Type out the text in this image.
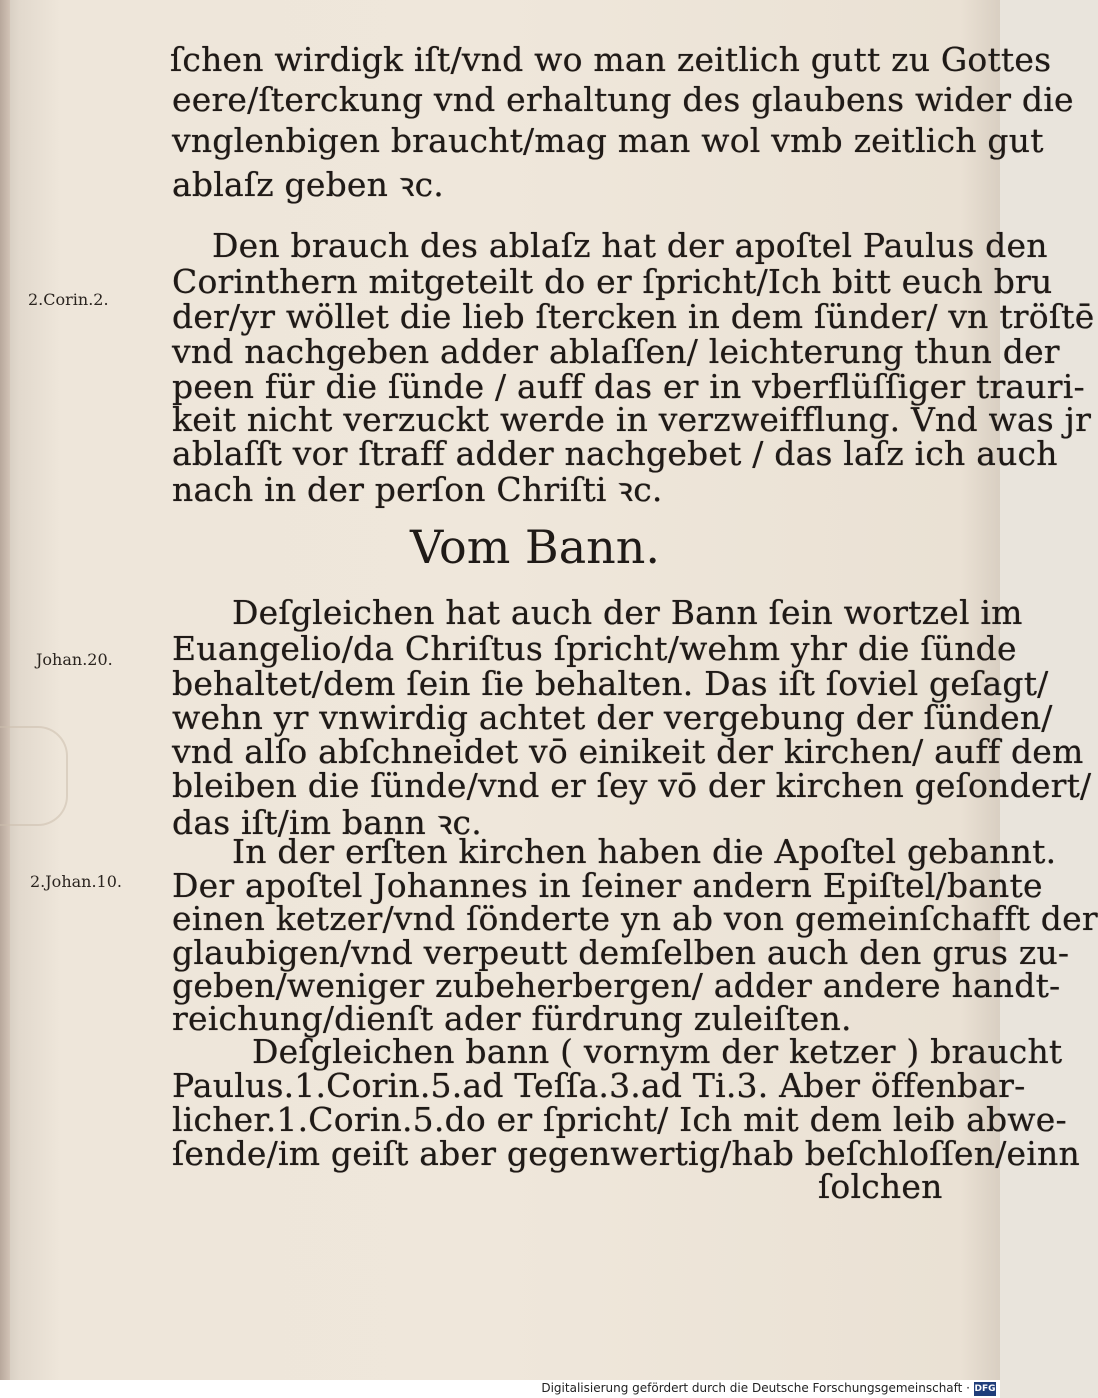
ſchen wirdigk iſt/vnd wo man zeitlich gutt zu Gottes
eere/ſterckung vnd erhaltung des glaubens wider die
vnglenbigen braucht/mag man wol vmb zeitlich gut
ablaſz geben ꝛc.
Den brauch des ablaſz hat der apoſtel Paulus den
Corinthern mitgeteilt do er ſpricht/Ich bitt euch bru
der/yr wöllet die lieb ſtercken in dem ſünder/ vn tröſtē
vnd nachgeben adder ablaſſen/ leichterung thun der
peen für die ſünde / auff das er in vberflüſſiger trauri-
keit nicht verzuckt werde in verzweifflung. Vnd was jr
ablaſſt vor ſtraff adder nachgebet / das laſz ich auch
nach in der perſon Chriſti ꝛc.
Deſgleichen hat auch der Bann ſein wortzel im
Euangelio/da Chriſtus ſpricht/wehm yhr die ſünde
behaltet/dem ſein ſie behalten. Das iſt ſoviel geſagt/
wehn yr vnwirdig achtet der vergebung der ſünden/
vnd alſo abſchneidet vō einikeit der kirchen/ auff dem
bleiben die ſünde/vnd er ſey vō der kirchen geſondert/
das iſt/im bann ꝛc.
In der erſten kirchen haben die Apoſtel gebannt.
Der apoſtel Johannes in ſeiner andern Epiſtel/bante
einen ketzer/vnd ſönderte yn ab von gemeinſchafft der
glaubigen/vnd verpeutt demſelben auch den grus zu-
geben/weniger zubeherbergen/ adder andere handt-
reichung/dienſt ader fürdrung zuleiſten.
Deſgleichen bann ( vornym der ketzer ) braucht
Paulus.1.Corin.5.ad Teſſa.3.ad Ti.3. Aber öffenbar-
licher.1.Corin.5.do er ſpricht/ Ich mit dem leib abwe-
ſende/im geiſt aber gegenwertig/hab beſchloſſen/einn
ſolchen
Vom Bann.
2.Corin.2.
Johan.20.
2.Johan.10.
Digitalisierung gefördert durch die Deutsche Forschungsgemeinschaft · DFG
